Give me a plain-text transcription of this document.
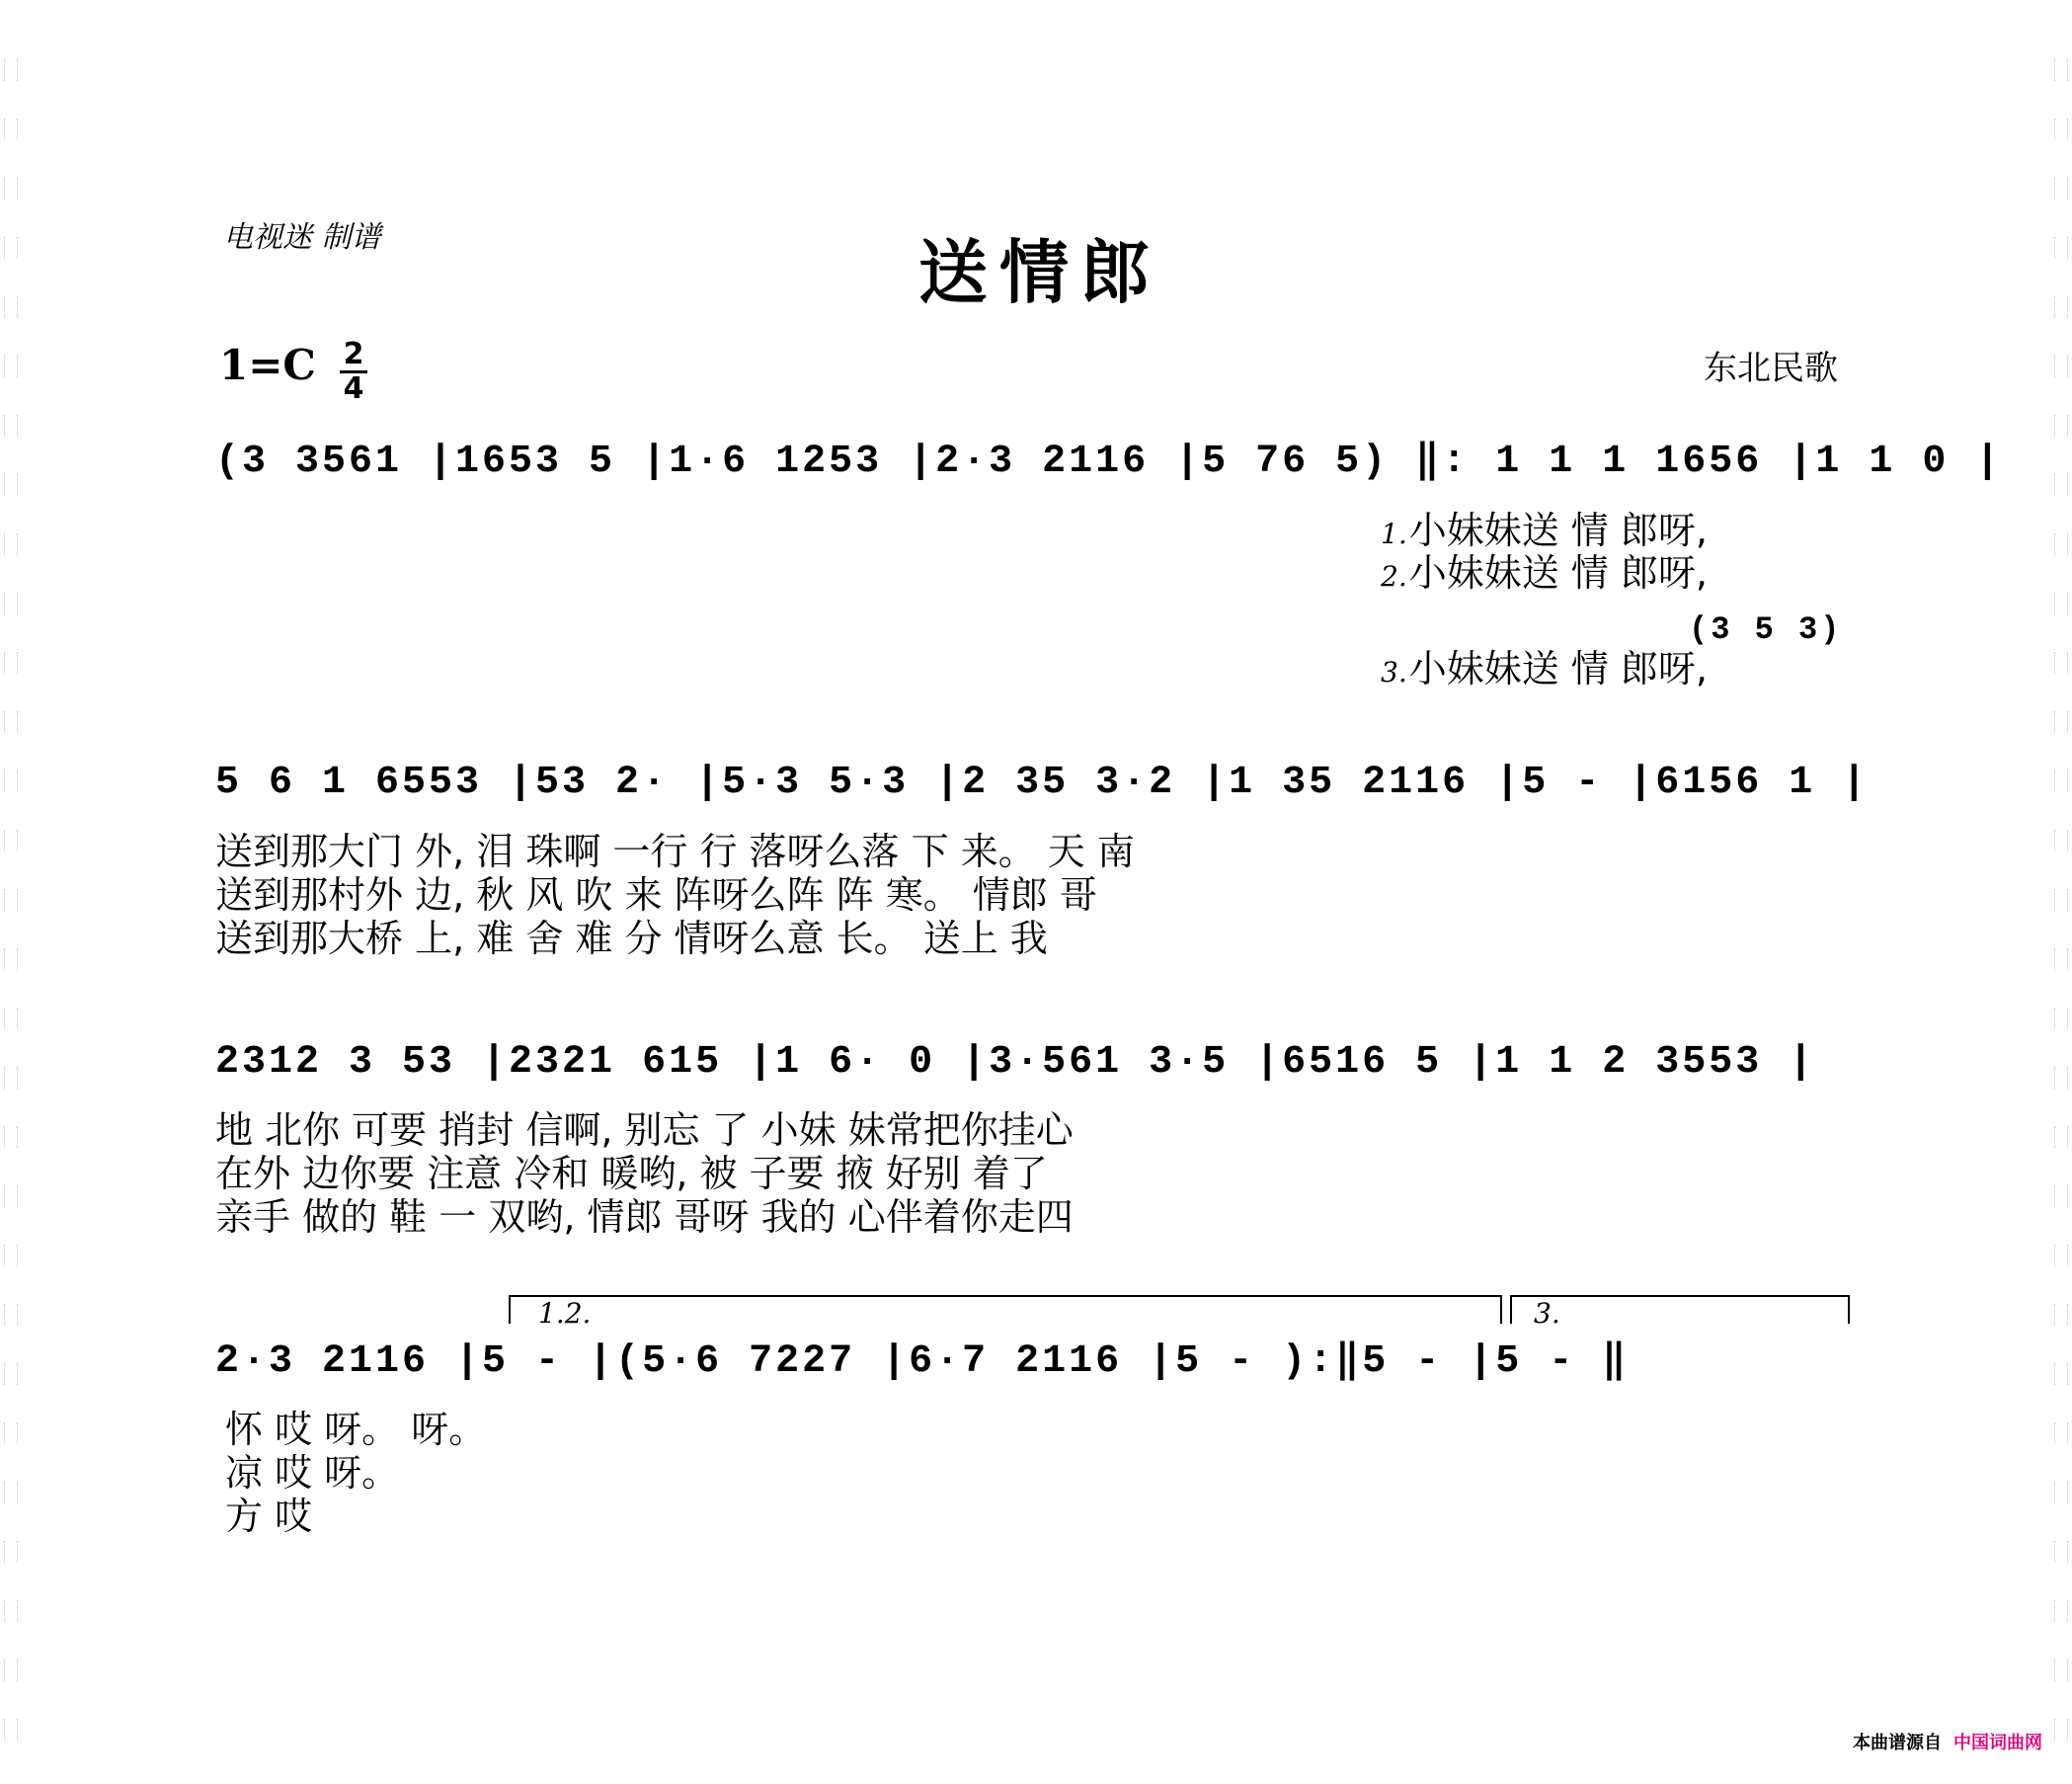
电视迷 制谱	送情郎
1=C 2
4
东北民歌
(3 3561 |1653 5 |1·6 1253 |2·3 2116 |5 76 5) ‖: 1 1 1 1656 |1 1 0 |
1.小妹妹送 情 郎呀,
2.小妹妹送 情 郎呀,
(3 5 3)
3.小妹妹送 情 郎呀,
5 6 1 6553 |53 2· |5·3 5·3 |2 35 3·2 |1 35 2116 |5 - |6156 1 |
送到那大门 外, 泪 珠啊 一行 行 落呀么落 下 来。 天 南
送到那村外 边, 秋 风 吹 来 阵呀么阵 阵 寒。 情郎 哥
送到那大桥 上, 难 舍 难 分 情呀么意 长。 送上 我
2312 3 53 |2321 615 |1 6· 0 |3·561 3·5 |6516 5 |1 1 2 3553 |
地 北你 可要 捎封 信啊, 别忘 了 小妹 妹常把你挂心
在外 边你要 注意 冷和 暖哟, 被 子要 掖 好别 着了
亲手 做的 鞋 一 双哟, 情郎 哥呀 我的 心伴着你走四
1.2.	3.
2·3 2116 |5 - |(5·6 7227 |6·7 2116 |5 - ):‖5 - |5 - ‖
怀 哎 呀。 呀。
凉 哎 呀。
方 哎
本曲谱源自 中国词曲网
